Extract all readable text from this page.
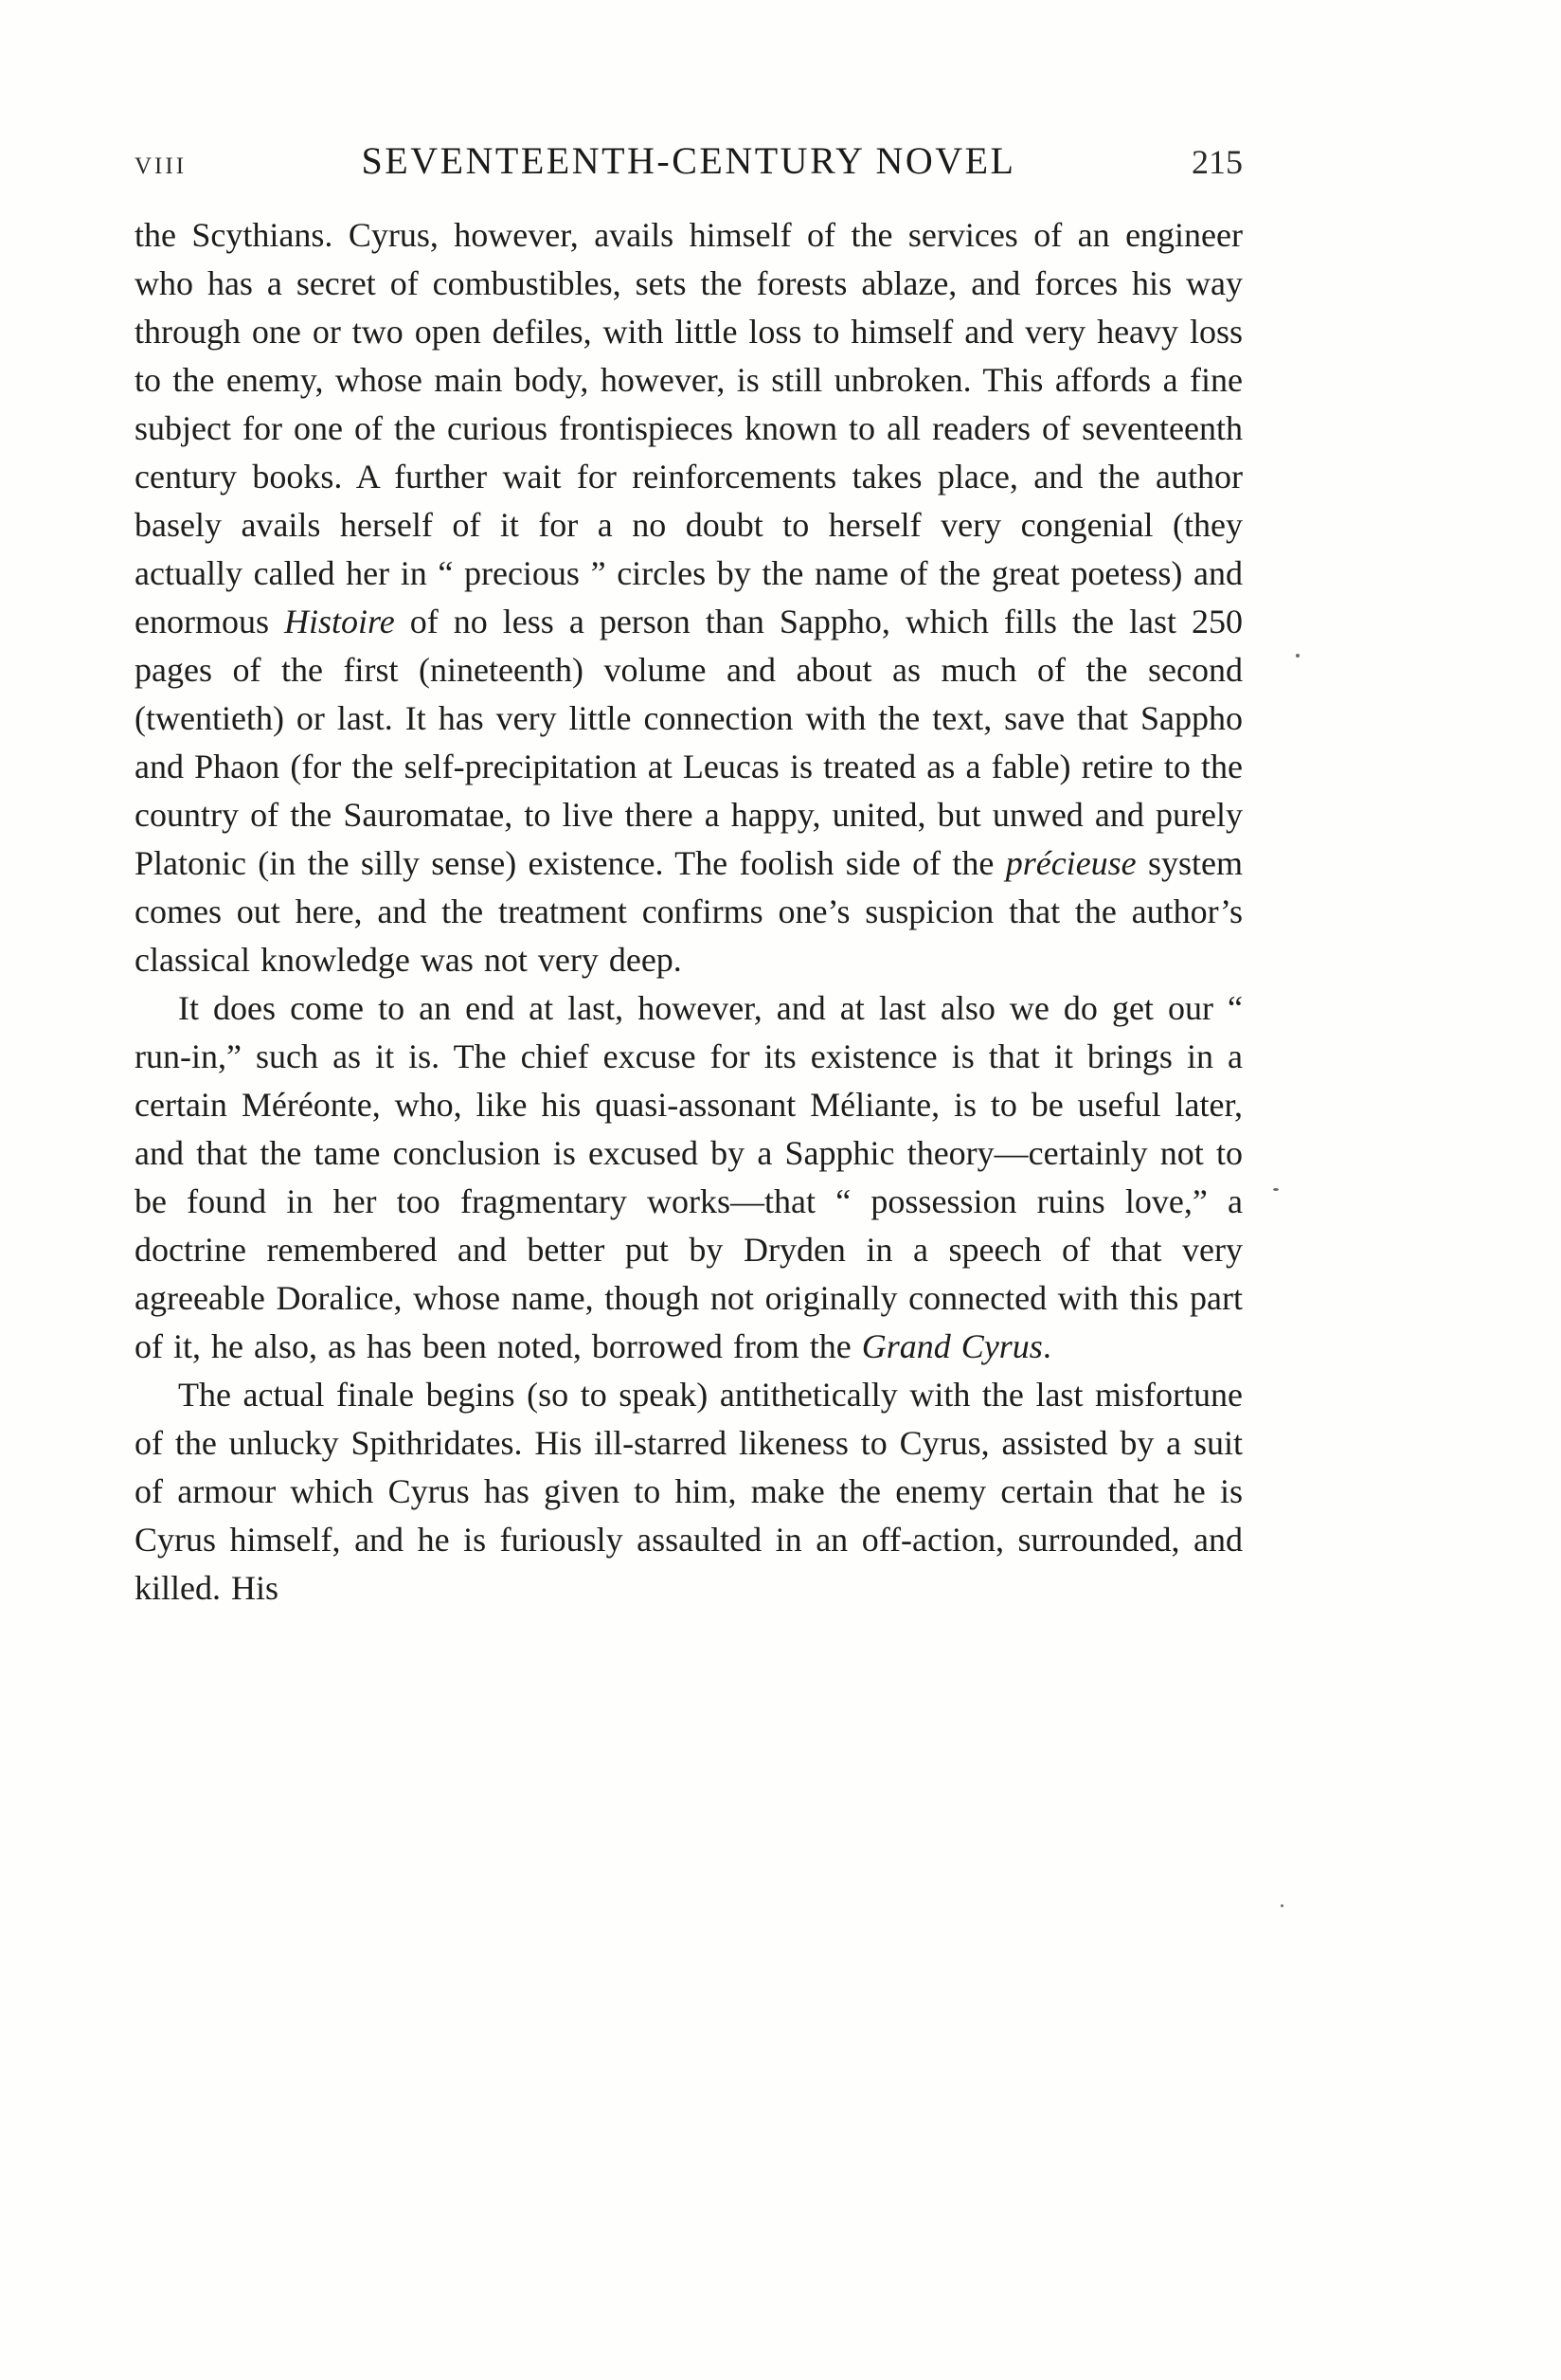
VIII	SEVENTEENTH-CENTURY NOVEL	215

the Scythians. Cyrus, however, avails himself of the services of an engineer who has a secret of combustibles, sets the forests ablaze, and forces his way through one or two open defiles, with little loss to himself and very heavy loss to the enemy, whose main body, however, is still unbroken. This affords a fine subject for one of the curious frontispieces known to all readers of seventeenth century books. A further wait for reinforcements takes place, and the author basely avails herself of it for a no doubt to herself very congenial (they actually called her in “ precious ” circles by the name of the great poetess) and enormous Histoire of no less a person than Sappho, which fills the last 250 pages of the first (nineteenth) volume and about as much of the second (twentieth) or last. It has very little connection with the text, save that Sappho and Phaon (for the self-precipitation at Leucas is treated as a fable) retire to the country of the Sauromatae, to live there a happy, united, but unwed and purely Platonic (in the silly sense) existence. The foolish side of the précieuse system comes out here, and the treatment confirms one’s suspicion that the author’s classical knowledge was not very deep.

It does come to an end at last, however, and at last also we do get our “ run-in,” such as it is. The chief excuse for its existence is that it brings in a certain Méréonte, who, like his quasi-assonant Méliante, is to be useful later, and that the tame conclusion is excused by a Sapphic theory—certainly not to be found in her too fragmentary works—that “ possession ruins love,” a doctrine remembered and better put by Dryden in a speech of that very agreeable Doralice, whose name, though not originally connected with this part of it, he also, as has been noted, borrowed from the Grand Cyrus.

The actual finale begins (so to speak) antithetically with the last misfortune of the unlucky Spithridates. His ill-starred likeness to Cyrus, assisted by a suit of armour which Cyrus has given to him, make the enemy certain that he is Cyrus himself, and he is furiously assaulted in an off-action, surrounded, and killed. His
